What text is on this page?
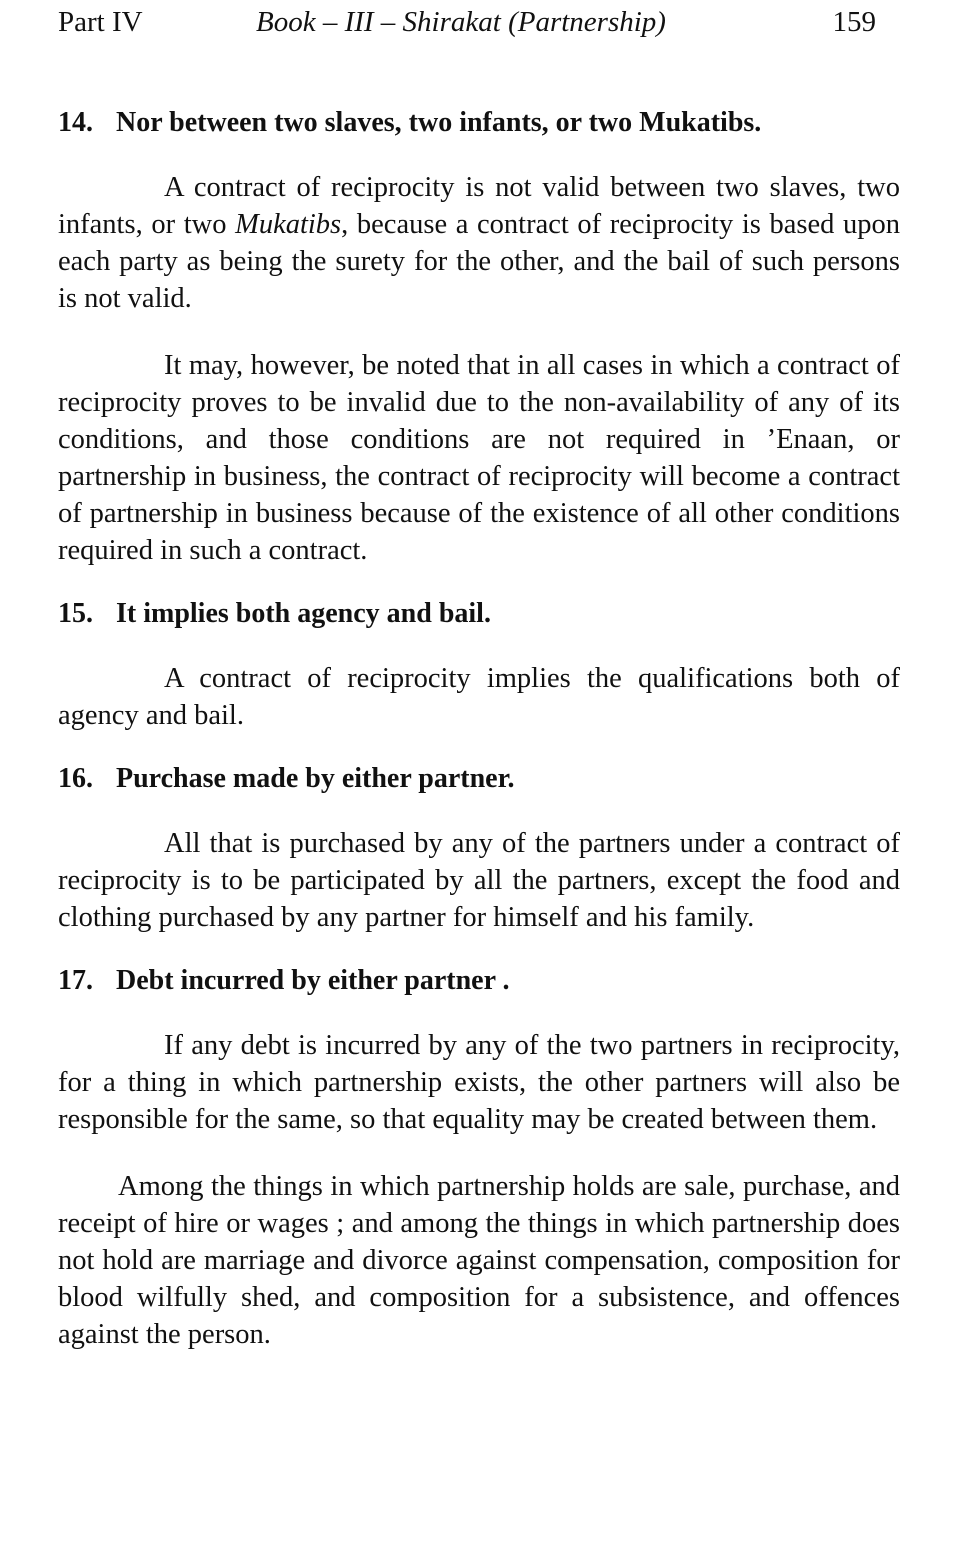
Part IV	Book – III – Shirakat (Partnership)	159
14. Nor between two slaves, two infants, or two Mukatibs.

A contract of reciprocity is not valid between two slaves, two infants, or two Mukatibs, because a contract of reciprocity is based upon each party as being the surety for the other, and the bail of such persons is not valid.

It may, however, be noted that in all cases in which a contract of reciprocity proves to be invalid due to the non-availability of any of its conditions, and those conditions are not required in ’Enaan, or partnership in business, the contract of reciprocity will become a contract of partnership in business because of the existence of all other conditions required in such a contract.

15. It implies both agency and bail.

A contract of reciprocity implies the qualifications both of agency and bail.

16. Purchase made by either partner.

All that is purchased by any of the partners under a contract of reciprocity is to be participated by all the partners, except the food and clothing purchased by any partner for himself and his family.

17. Debt incurred by either partner .

If any debt is incurred by any of the two partners in reciprocity, for a thing in which partnership exists, the other partners will also be responsible for the same, so that equality may be created between them.

Among the things in which partnership holds are sale, purchase, and receipt of hire or wages ; and among the things in which partnership does not hold are marriage and divorce against compensation, composition for blood wilfully shed, and composition for a subsistence, and offences against the person.
